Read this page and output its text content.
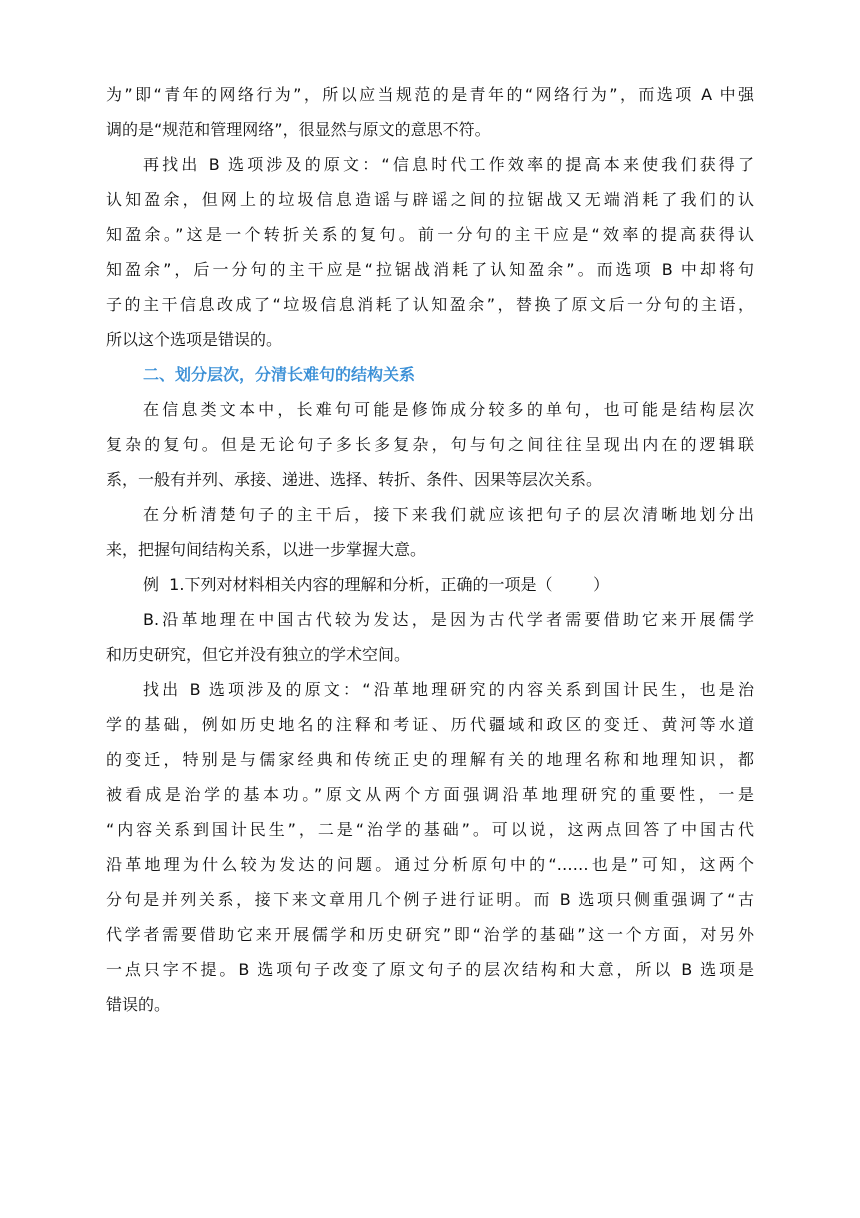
为”即“青年的网络行为”，所以应当规范的是青年的“网络行为”，而选项 A 中强
调的是“规范和管理网络”，很显然与原文的意思不符。
再找出 B 选项涉及的原文：“信息时代工作效率的提高本来使我们获得了
认知盈余，但网上的垃圾信息造谣与辟谣之间的拉锯战又无端消耗了我们的认
知盈余。”这是一个转折关系的复句。前一分句的主干应是“效率的提高获得认
知盈余”，后一分句的主干应是“拉锯战消耗了认知盈余”。而选项 B 中却将句
子的主干信息改成了“垃圾信息消耗了认知盈余”，替换了原文后一分句的主语，
所以这个选项是错误的。
二、划分层次，分清长难句的结构关系
在信息类文本中，长难句可能是修饰成分较多的单句，也可能是结构层次
复杂的复句。但是无论句子多长多复杂，句与句之间往往呈现出内在的逻辑联
系，一般有并列、承接、递进、选择、转折、条件、因果等层次关系。
在分析清楚句子的主干后，接下来我们就应该把句子的层次清晰地划分出
来，把握句间结构关系，以进一步掌握大意。
例  1.下列对材料相关内容的理解和分析，正确的一项是（        ）
B.沿革地理在中国古代较为发达，是因为古代学者需要借助它来开展儒学
和历史研究，但它并没有独立的学术空间。
找出 B 选项涉及的原文：“沿革地理研究的内容关系到国计民生，也是治
学的基础，例如历史地名的注释和考证、历代疆域和政区的变迁、黄河等水道
的变迁，特别是与儒家经典和传统正史的理解有关的地理名称和地理知识，都
被看成是治学的基本功。”原文从两个方面强调沿革地理研究的重要性，一是
“内容关系到国计民生”，二是“治学的基础”。可以说，这两点回答了中国古代
沿革地理为什么较为发达的问题。通过分析原句中的“……也是”可知，这两个
分句是并列关系，接下来文章用几个例子进行证明。而 B 选项只侧重强调了“古
代学者需要借助它来开展儒学和历史研究”即“治学的基础”这一个方面，对另外
一点只字不提。B 选项句子改变了原文句子的层次结构和大意，所以 B 选项是
错误的。
